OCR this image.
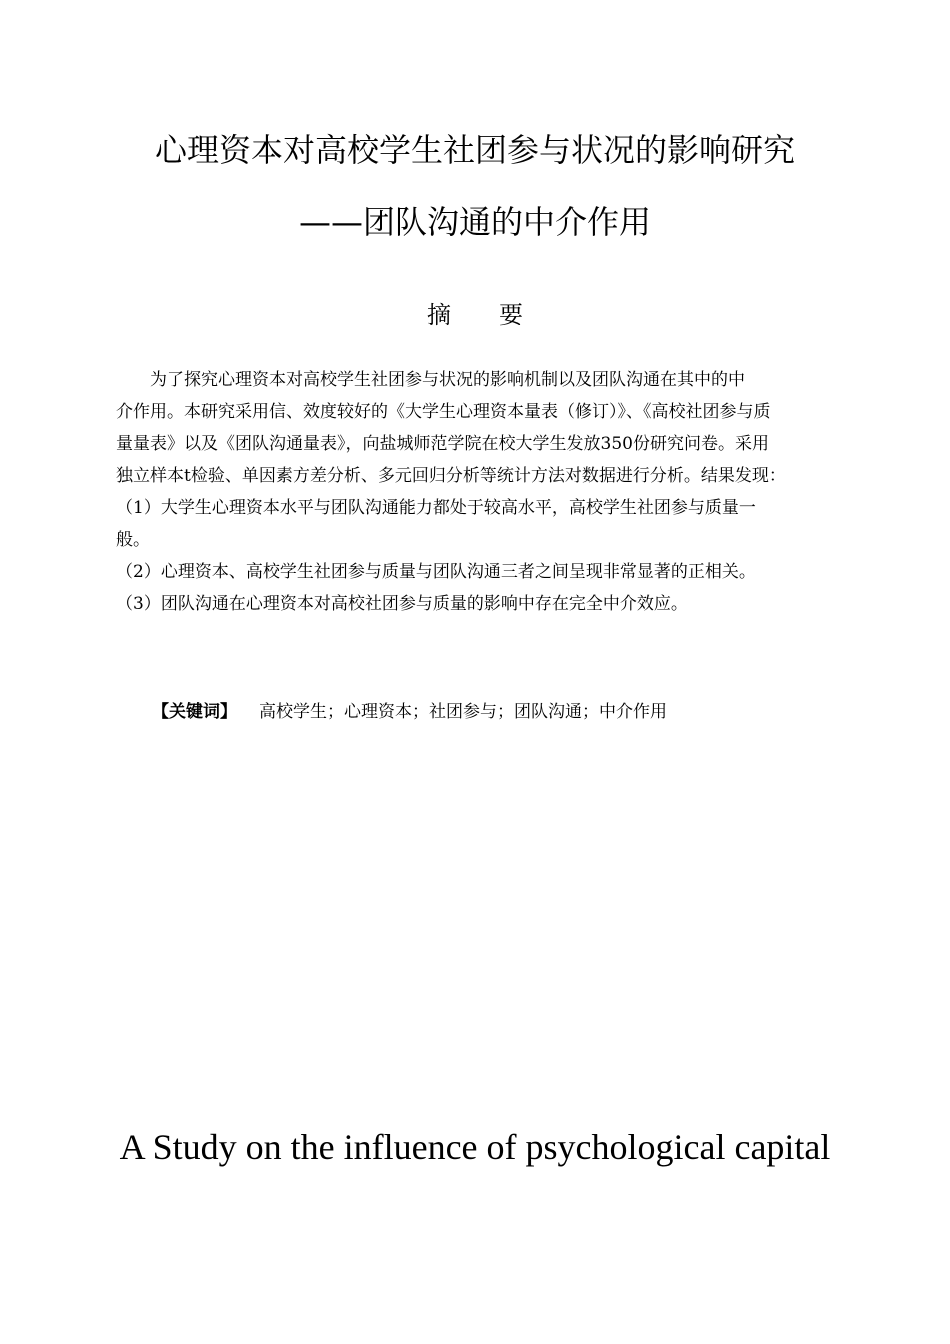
心理资本对高校学生社团参与状况的影响研究
——团队沟通的中介作用
摘　　要

　　为了探究心理资本对高校学生社团参与状况的影响机制以及团队沟通在其中的中

介作用。本研究采用信、效度较好的《大学生心理资本量表（修订）》、《高校社团参与质

量量表》以及《团队沟通量表》，向盐城师范学院在校大学生发放350份研究问卷。采用

独立样本t检验、单因素方差分析、多元回归分析等统计方法对数据进行分析。结果发现：

（1）大学生心理资本水平与团队沟通能力都处于较高水平，高校学生社团参与质量一

般。

（2）心理资本、高校学生社团参与质量与团队沟通三者之间呈现非常显著的正相关。

（3）团队沟通在心理资本对高校社团参与质量的影响中存在完全中介效应。

【关键词】 高校学生；心理资本；社团参与；团队沟通；中介作用
A Study on the influence of psychological capital
